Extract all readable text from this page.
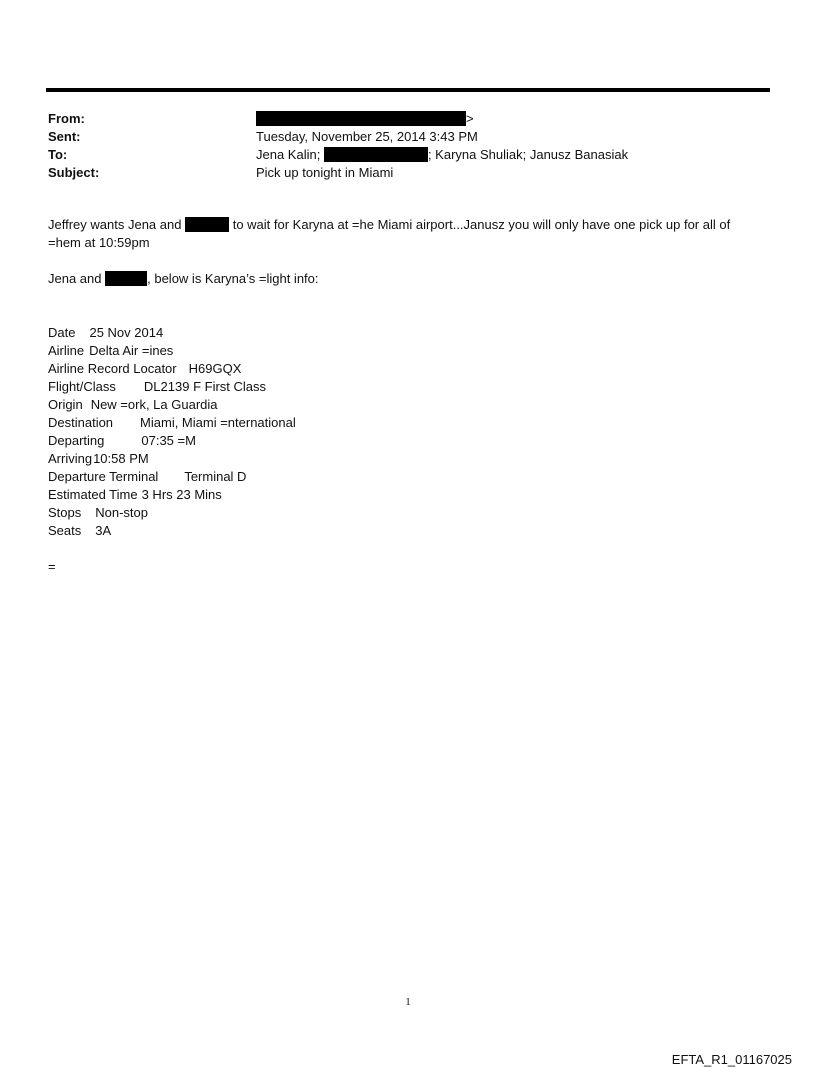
From:	>
Sent:	Tuesday, November 25, 2014 3:43 PM
To:	Jena Kalin;	; Karyna Shuliak; Janusz Banasiak
Subject:	Pick up tonight in Miami

Jeffrey wants Jena and	to wait for Karyna at =he Miami airport...Janusz you will only have one pick up for all of
=hem at 10:59pm

Jena and	, below is Karyna’s =light info:

Date 25 Nov 2014
Airline Delta Air =ines
Airline Record Locator H69GQX
Flight/Class DL2139 F First Class
Origin New =ork, La Guardia
Destination Miami, Miami =nternational
Departing	07:35 =M
Arriving10:58 PM
Departure Terminal Terminal D
Estimated Time 3 Hrs 23 Mins
Stops Non-stop
Seats 3A
=
1
EFTA_R1_01167025
